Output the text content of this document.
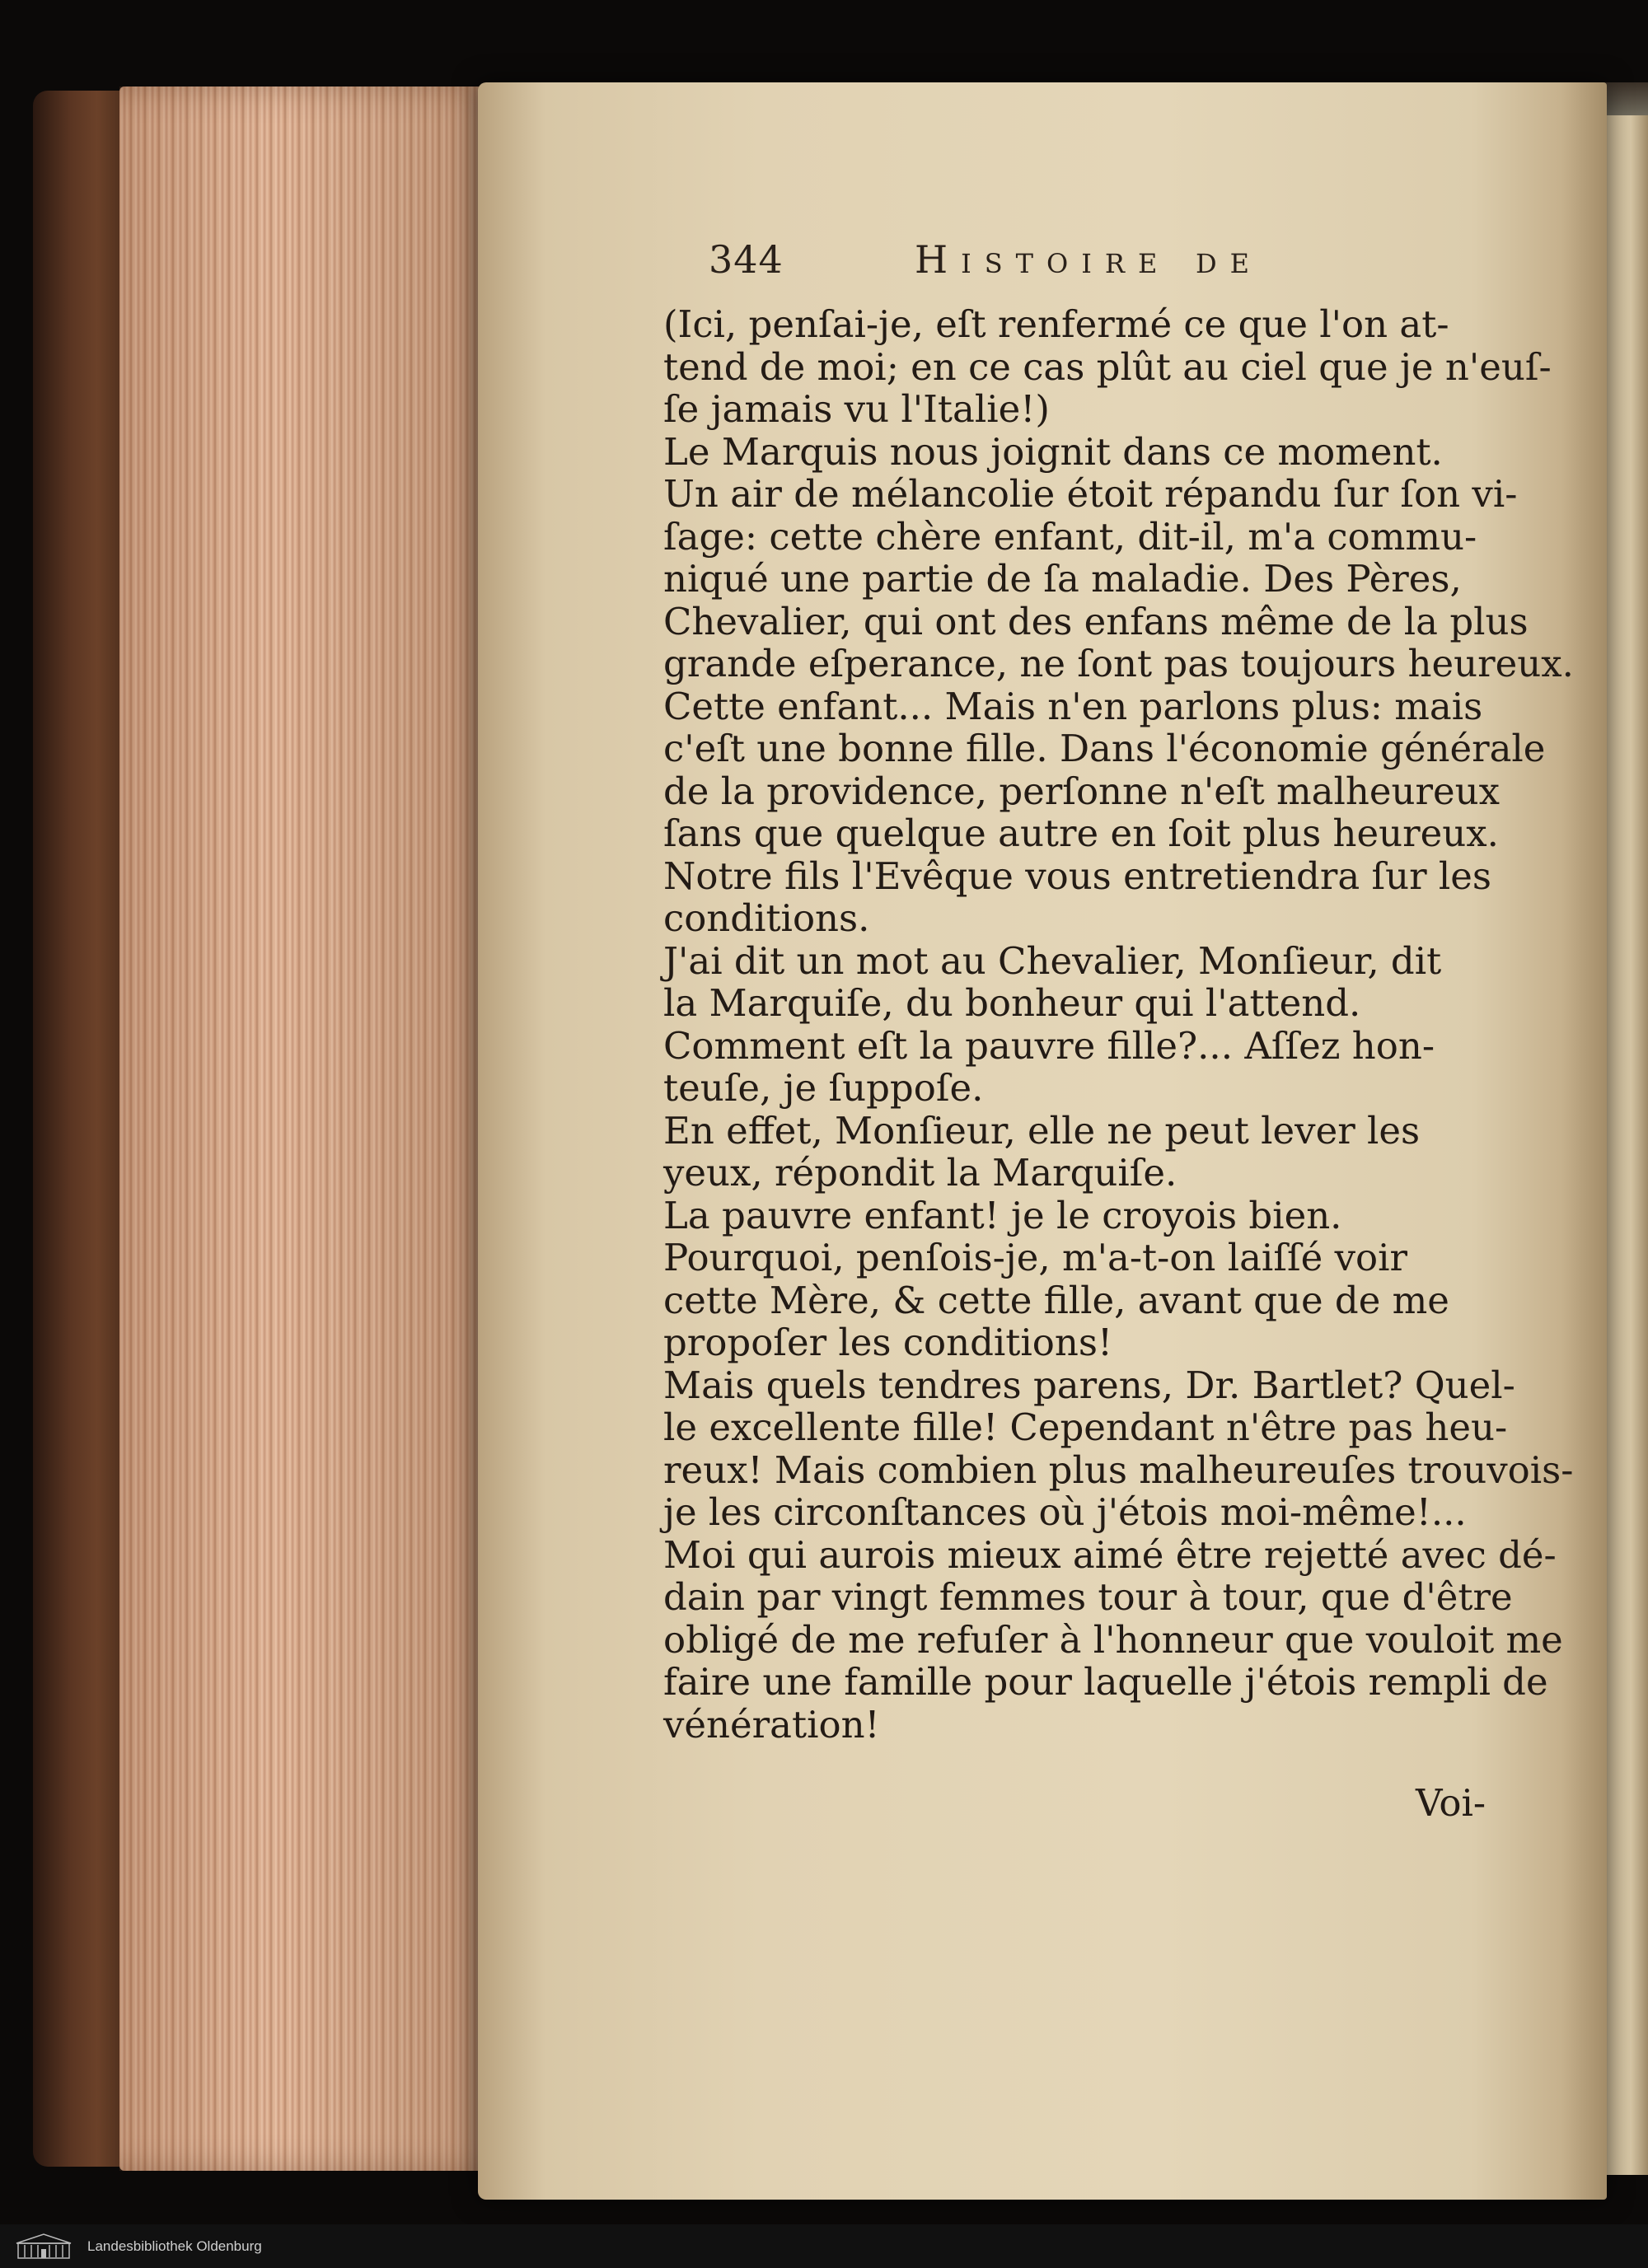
344	Histoire de
(Ici, penſai-je, eſt renfermé ce que l'on at-
tend de moi; en ce cas plût au ciel que je n'euſ-
ſe jamais vu l'Italie!)
Le Marquis nous joignit dans ce moment.
Un air de mélancolie étoit répandu ſur ſon vi-
ſage: cette chère enfant, dit-il, m'a commu-
niqué une partie de ſa maladie. Des Pères,
Chevalier, qui ont des enfans même de la plus
grande eſperance, ne ſont pas toujours heureux.
Cette enfant... Mais n'en parlons plus: mais
c'eſt une bonne fille. Dans l'économie générale
de la providence, perſonne n'eſt malheureux
ſans que quelque autre en ſoit plus heureux.
Notre fils l'Evêque vous entretiendra ſur les
conditions.
J'ai dit un mot au Chevalier, Monſieur, dit
la Marquiſe, du bonheur qui l'attend.
Comment eſt la pauvre fille?... Aſſez hon-
teuſe, je ſuppoſe.
En effet, Monſieur, elle ne peut lever les
yeux, répondit la Marquiſe.
La pauvre enfant! je le croyois bien.
Pourquoi, penſois-je, m'a-t-on laiſſé voir
cette Mère, & cette fille, avant que de me
propoſer les conditions!
Mais quels tendres parens, Dr. Bartlet? Quel-
le excellente fille! Cependant n'être pas heu-
reux! Mais combien plus malheureuſes trouvois-
je les circonſtances où j'étois moi-même!...
Moi qui aurois mieux aimé être rejetté avec dé-
dain par vingt femmes tour à tour, que d'être
obligé de me refuſer à l'honneur que vouloit me
faire une famille pour laquelle j'étois rempli de
vénération!
Voi-
Landesbibliothek Oldenburg
